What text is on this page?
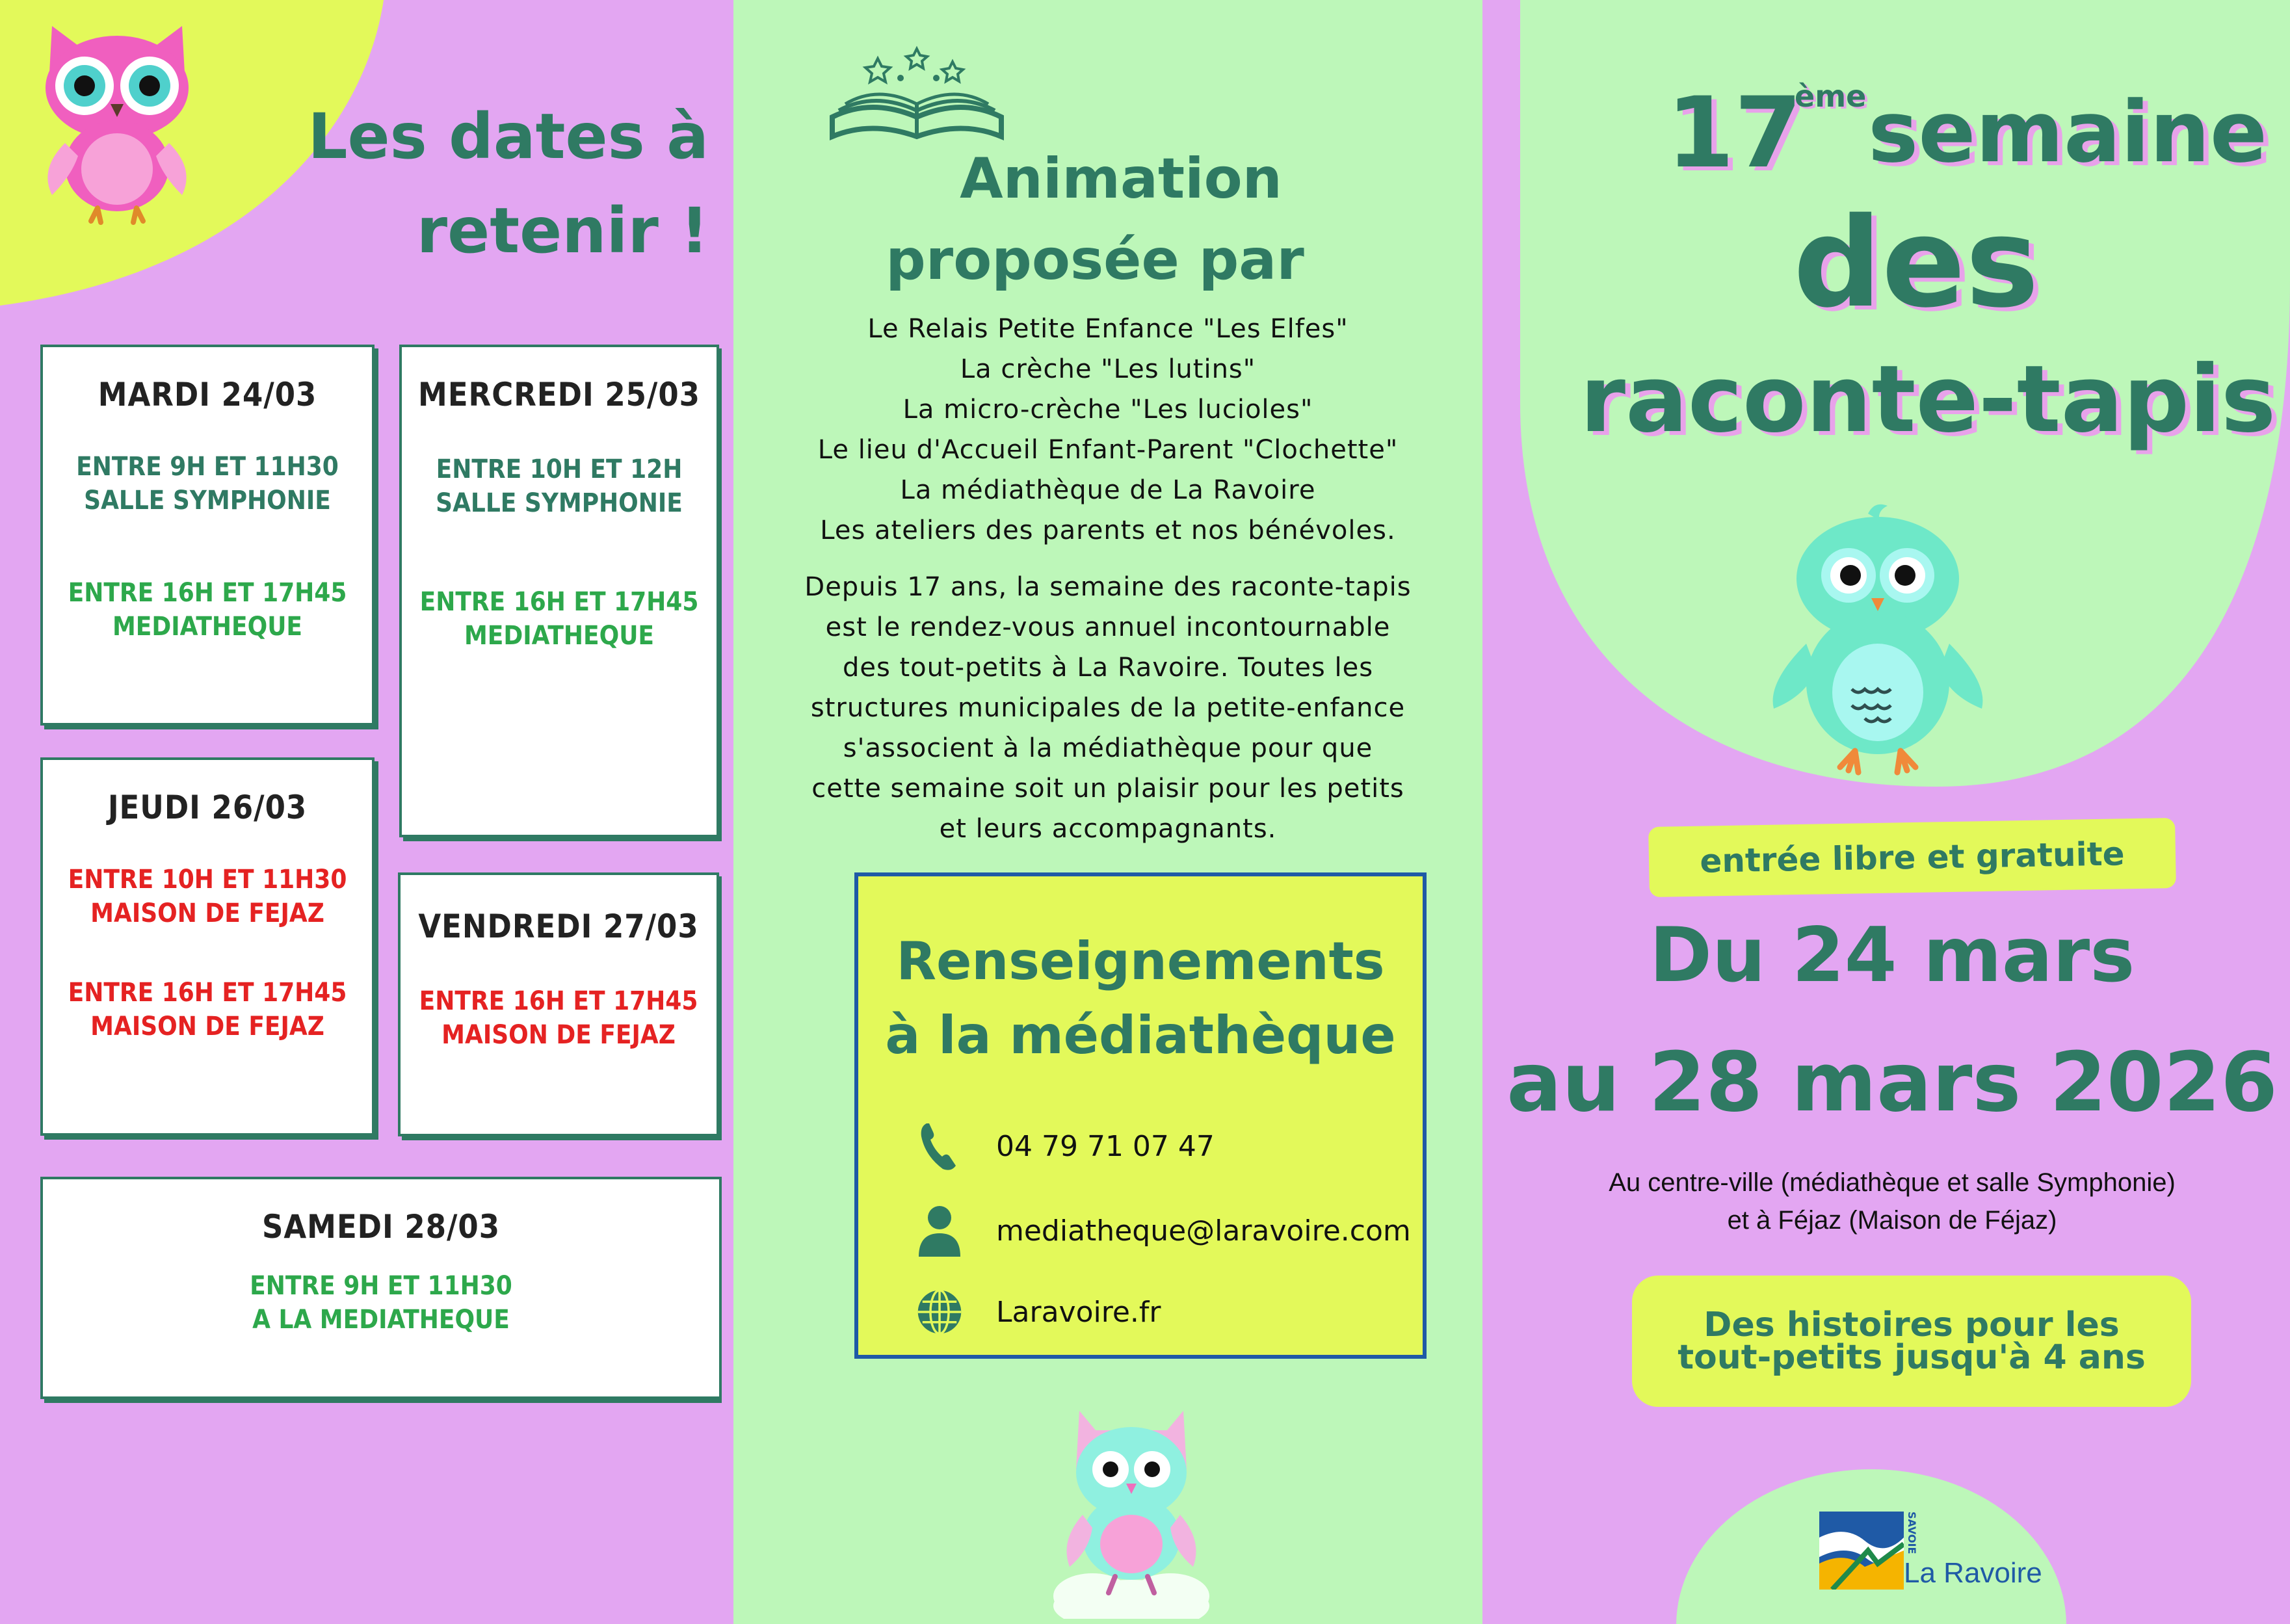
Les dates à
retenir !
MARDI 24/03
ENTRE 9H ET 11H30
SALLE SYMPHONIE
ENTRE 16H ET 17H45
MEDIATHEQUE
MERCREDI 25/03
ENTRE 10H ET 12H
SALLE SYMPHONIE
ENTRE 16H ET 17H45
MEDIATHEQUE
JEUDI 26/03
ENTRE 10H ET 11H30
MAISON DE FEJAZ
ENTRE 16H ET 17H45
MAISON DE FEJAZ
VENDREDI 27/03
ENTRE 16H ET 17H45
MAISON DE FEJAZ
SAMEDI 28/03
ENTRE 9H ET 11H30
A LA MEDIATHEQUE
Animation
proposée par
Le Relais Petite Enfance "Les Elfes"
La crèche "Les lutins"
La micro-crèche "Les lucioles"
Le lieu d'Accueil Enfant-Parent "Clochette"
La médiathèque de La Ravoire
Les ateliers des parents et nos bénévoles.
Depuis 17 ans, la semaine des raconte-tapis
est le rendez-vous annuel incontournable
des tout-petits à La Ravoire. Toutes les
structures municipales de la petite-enfance
s'associent à la médiathèque pour que
cette semaine soit un plaisir pour les petits
et leurs accompagnants.
Renseignements
à la médiathèque
04 79 71 07 47
mediatheque@laravoire.com
Laravoire.fr
17
ème semaine
des
raconte-tapis
entrée libre et gratuite
Du 24 mars
au 28 mars 2026
Au centre-ville (médiathèque et salle Symphonie)
et à Féjaz (Maison de Féjaz)
Des histoires pour les
tout-petits jusqu'à 4 ans
SAVOIE
La Ravoire
